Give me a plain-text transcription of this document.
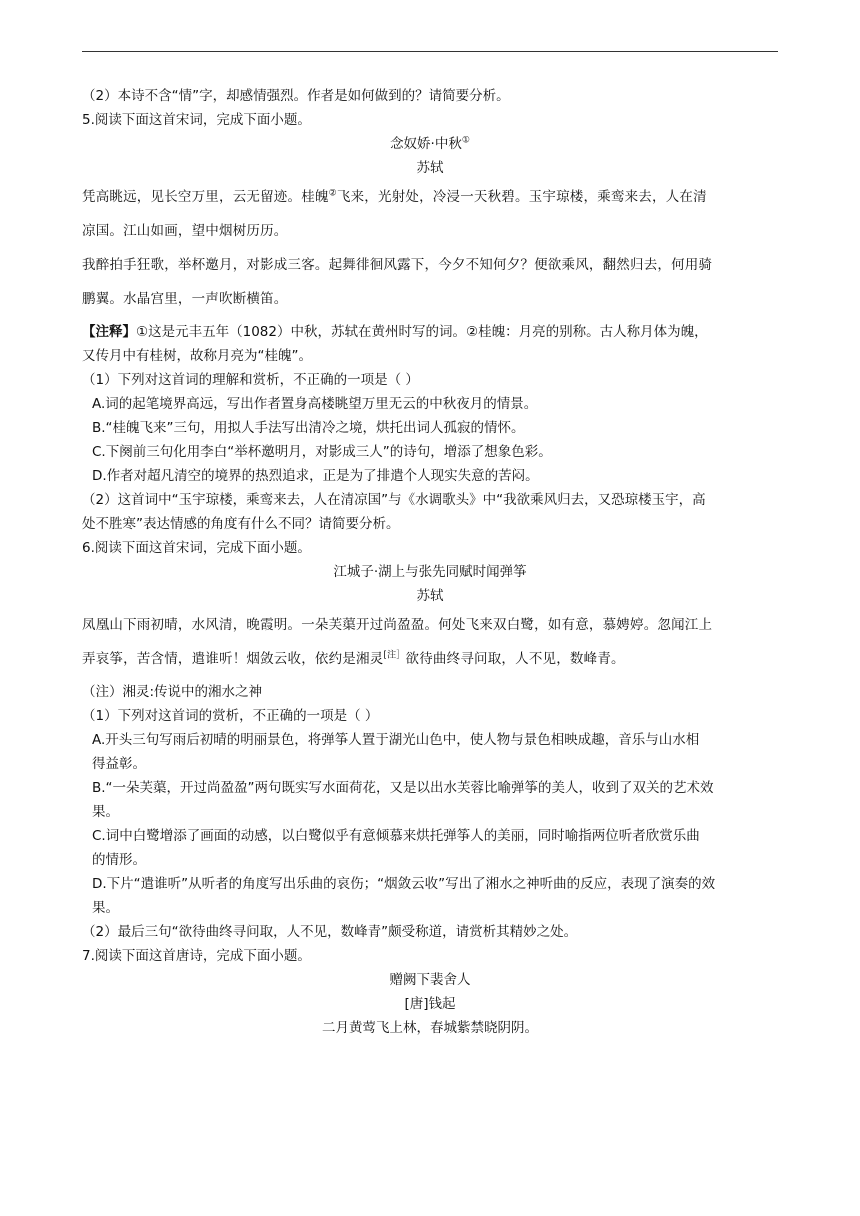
（2）本诗不含“情”字，却感情强烈。作者是如何做到的？请简要分析。
5.阅读下面这首宋词，完成下面小题。
念奴娇·中秋①
苏轼
凭高眺远，见长空万里，云无留迹。桂魄②飞来，光射处，冷浸一天秋碧。玉宇琼楼，乘鸾来去，人在清
凉国。江山如画，望中烟树历历。
我醉拍手狂歌，举杯邀月，对影成三客。起舞徘徊风露下，今夕不知何夕？便欲乘风，翻然归去，何用骑
鹏翼。水晶宫里，一声吹断横笛。
【注释】①这是元丰五年（1082）中秋，苏轼在黄州时写的词。②桂魄：月亮的别称。古人称月体为魄，
又传月中有桂树，故称月亮为“桂魄”。
（1）下列对这首词的理解和赏析，不正确的一项是（ ）
A.词的起笔境界高远，写出作者置身高楼眺望万里无云的中秋夜月的情景。
B.“桂魄飞来”三句，用拟人手法写出清冷之境，烘托出词人孤寂的情怀。
C.下阕前三句化用李白“举杯邀明月，对影成三人”的诗句，增添了想象色彩。
D.作者对超凡清空的境界的热烈追求，正是为了排遣个人现实失意的苦闷。
（2）这首词中“玉宇琼楼，乘鸾来去，人在清凉国”与《水调歌头》中“我欲乘风归去，又恐琼楼玉宇，高
处不胜寒”表达情感的角度有什么不同？请简要分析。
6.阅读下面这首宋词，完成下面小题。
江城子·湖上与张先同赋时闻弹筝
苏轼
凤凰山下雨初晴，水风清，晚霞明。一朵芙蕖开过尚盈盈。何处飞来双白鹭，如有意，慕娉婷。忽闻江上
弄哀筝，苦含情，遣谁听！烟敛云收，依约是湘灵$^{[注]}$欲待曲终寻问取，人不见，数峰青。
（注）湘灵:传说中的湘水之神
（1）下列对这首词的赏析，不正确的一项是（ ）
A.开头三句写雨后初晴的明丽景色，将弹筝人置于湖光山色中，使人物与景色相映成趣，音乐与山水相
得益彰。
B.“一朵芙蕖，开过尚盈盈”两句既实写水面荷花，又是以出水芙蓉比喻弹筝的美人，收到了双关的艺术效
果。
C.词中白鹭增添了画面的动感，以白鹭似乎有意倾慕来烘托弹筝人的美丽，同时喻指两位听者欣赏乐曲
的情形。
D.下片“遣谁听”从听者的角度写出乐曲的哀伤；“烟敛云收”写出了湘水之神听曲的反应，表现了演奏的效
果。
（2）最后三句“欲待曲终寻问取，人不见，数峰青”颇受称道，请赏析其精妙之处。
7.阅读下面这首唐诗，完成下面小题。
赠阙下裴舍人
[唐]钱起
二月黄莺飞上林，春城紫禁晓阴阴。
